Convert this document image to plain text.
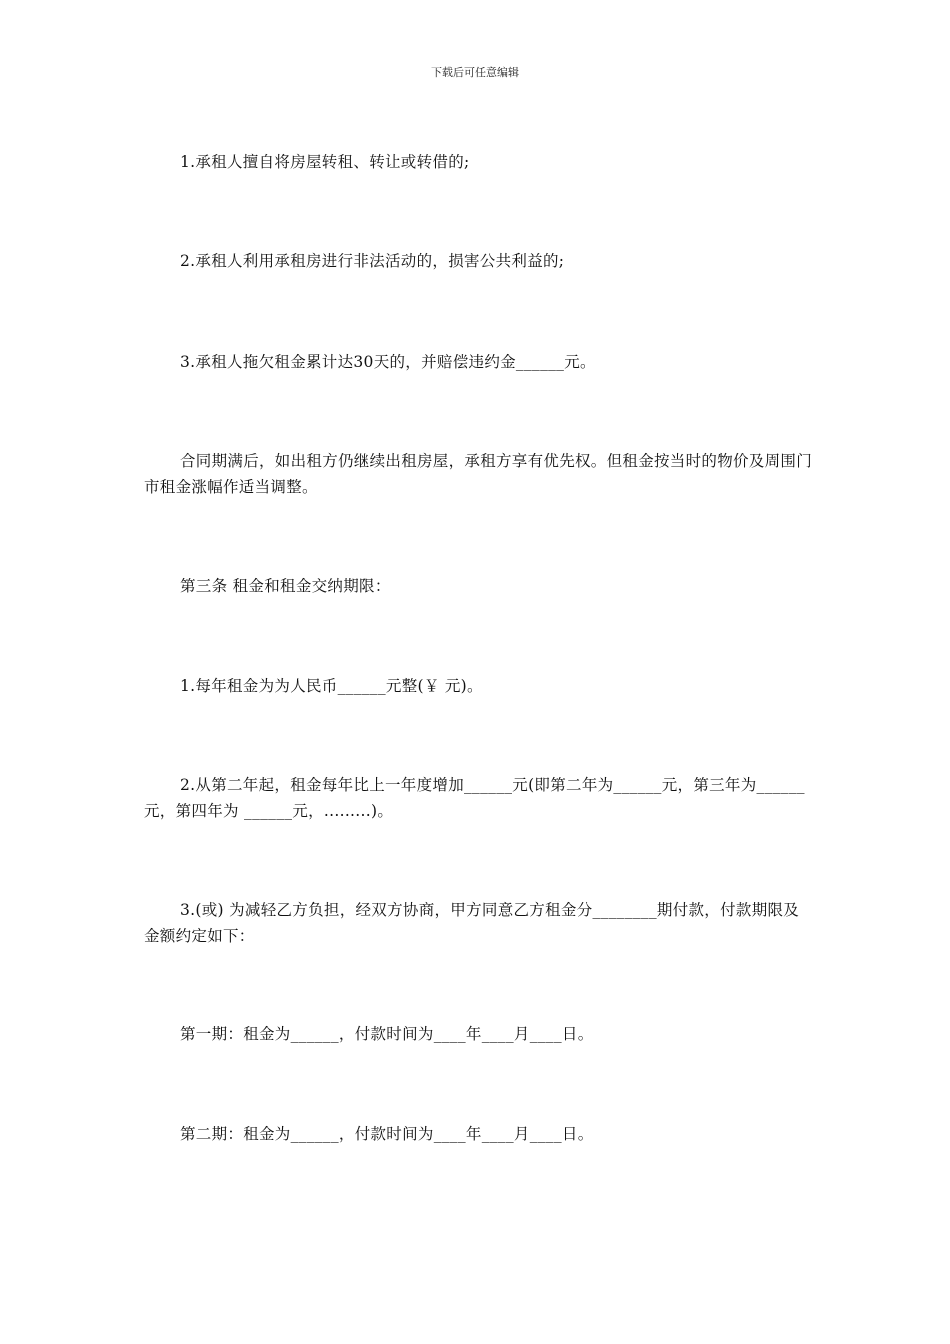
下载后可任意编辑
1.承租人擅自将房屋转租、转让或转借的;
2.承租人利用承租房进行非法活动的，损害公共利益的;
3.承租人拖欠租金累计达30天的，并赔偿违约金______元。
合同期满后，如出租方仍继续出租房屋，承租方享有优先权。但租金按当时的物价及周围门市租金涨幅作适当调整。
第三条 租金和租金交纳期限：
1.每年租金为为人民币______元整(￥ 元)。
2.从第二年起，租金每年比上一年度增加______元(即第二年为______元，第三年为______元，第四年为 ______元，.........)。
3.(或) 为减轻乙方负担，经双方协商，甲方同意乙方租金分________期付款，付款期限及金额约定如下：
第一期：租金为______，付款时间为____年____月____日。
第二期：租金为______，付款时间为____年____月____日。
